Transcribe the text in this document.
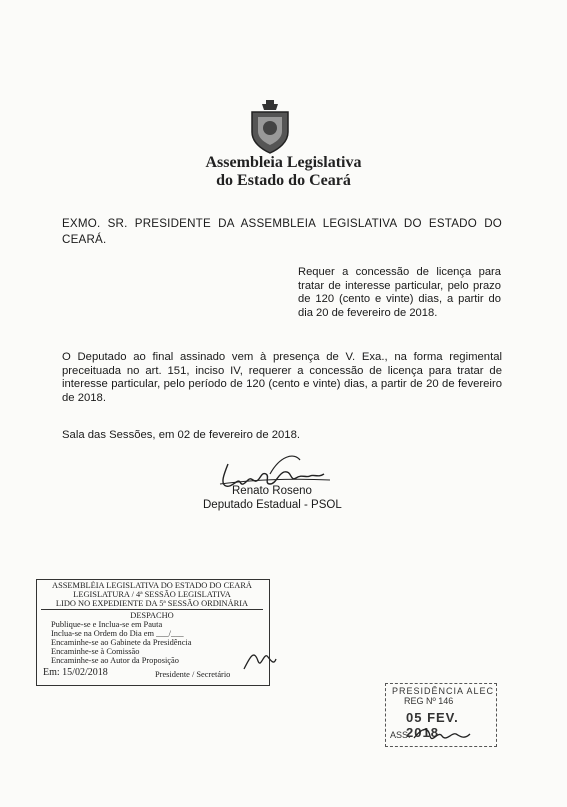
Assembleia Legislativa
do Estado do Ceará
EXMO. SR. PRESIDENTE DA ASSEMBLEIA LEGISLATIVA DO ESTADO DO CEARÁ.
Requer a concessão de licença para tratar de interesse particular, pelo prazo de 120 (cento e vinte) dias, a partir do dia 20 de fevereiro de 2018.
O Deputado ao final assinado vem à presença de V. Exa., na forma regimental preceituada no art. 151, inciso IV, requerer a concessão de licença para tratar de interesse particular, pelo período de 120 (cento e vinte) dias, a partir de 20 de fevereiro de 2018.
Sala das Sessões, em 02 de fevereiro de 2018.
Renato Roseno
Deputado Estadual - PSOL
ASSEMBLÉIA LEGISLATIVA DO ESTADO DO CEARÁ
LEGISLATURA / 4ª SESSÃO LEGISLATIVA
LIDO NO EXPEDIENTE DA 5ª SESSÃO ORDINÁRIA
DESPACHO
Publique-se e Inclua-se em Pauta
Inclua-se na Ordem do Dia em ___/___
Encaminhe-se ao Gabinete da Presidência
Encaminhe-se à Comissão
Encaminhe-se ao Autor da Proposição
Em: 15/02/2018	Presidente / Secretário
PRESIDÊNCIA ALEC
REG Nº 146
05 FEV. 2018
ASS.
